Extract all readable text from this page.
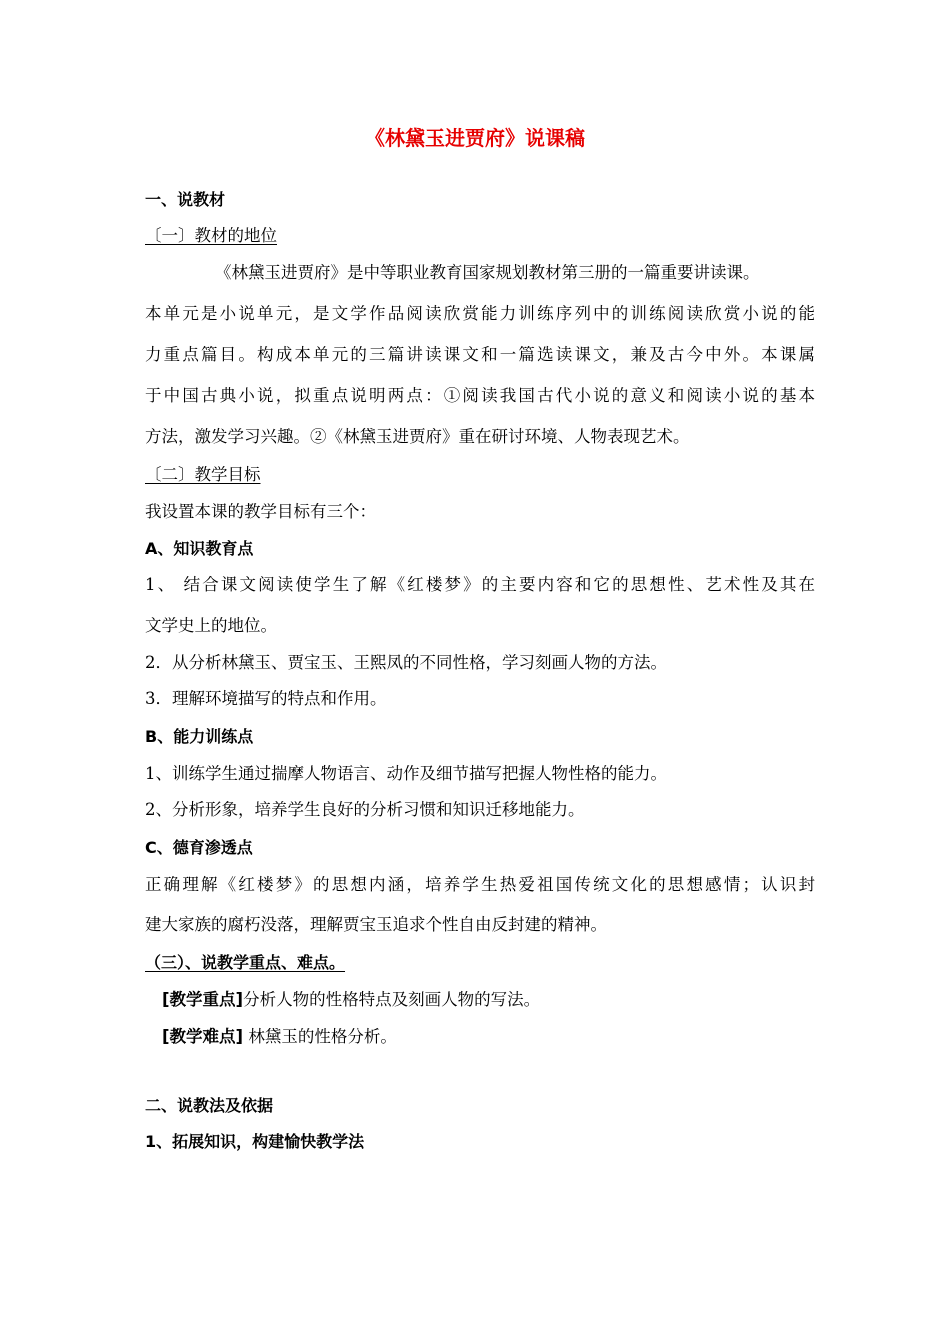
《林黛玉进贾府》说课稿

一、说教材

〔一〕教材的地位

《林黛玉进贾府》是中等职业教育国家规划教材第三册的一篇重要讲读课。

本单元是小说单元，是文学作品阅读欣赏能力训练序列中的训练阅读欣赏小说的能

力重点篇目。构成本单元的三篇讲读课文和一篇选读课文，兼及古今中外。本课属

于中国古典小说，拟重点说明两点：①阅读我国古代小说的意义和阅读小说的基本

方法，激发学习兴趣。②《林黛玉进贾府》重在研讨环境、人物表现艺术。

〔二〕教学目标

我设置本课的教学目标有三个：

A、知识教育点

1、 结合课文阅读使学生了解《红楼梦》的主要内容和它的思想性、艺术性及其在

文学史上的地位。

2．从分析林黛玉、贾宝玉、王熙凤的不同性格，学习刻画人物的方法。

3．理解环境描写的特点和作用。

B、能力训练点

1、训练学生通过揣摩人物语言、动作及细节描写把握人物性格的能力。

2、分析形象，培养学生良好的分析习惯和知识迁移地能力。

C、德育渗透点

正确理解《红楼梦》的思想内涵，培养学生热爱祖国传统文化的思想感情；认识封

建大家族的腐朽没落，理解贾宝玉追求个性自由反封建的精神。

（三）、说教学重点、难点。

[教学重点]分析人物的性格特点及刻画人物的写法。

[教学难点] 林黛玉的性格分析。

二、说教法及依据

1、拓展知识，构建愉快教学法
